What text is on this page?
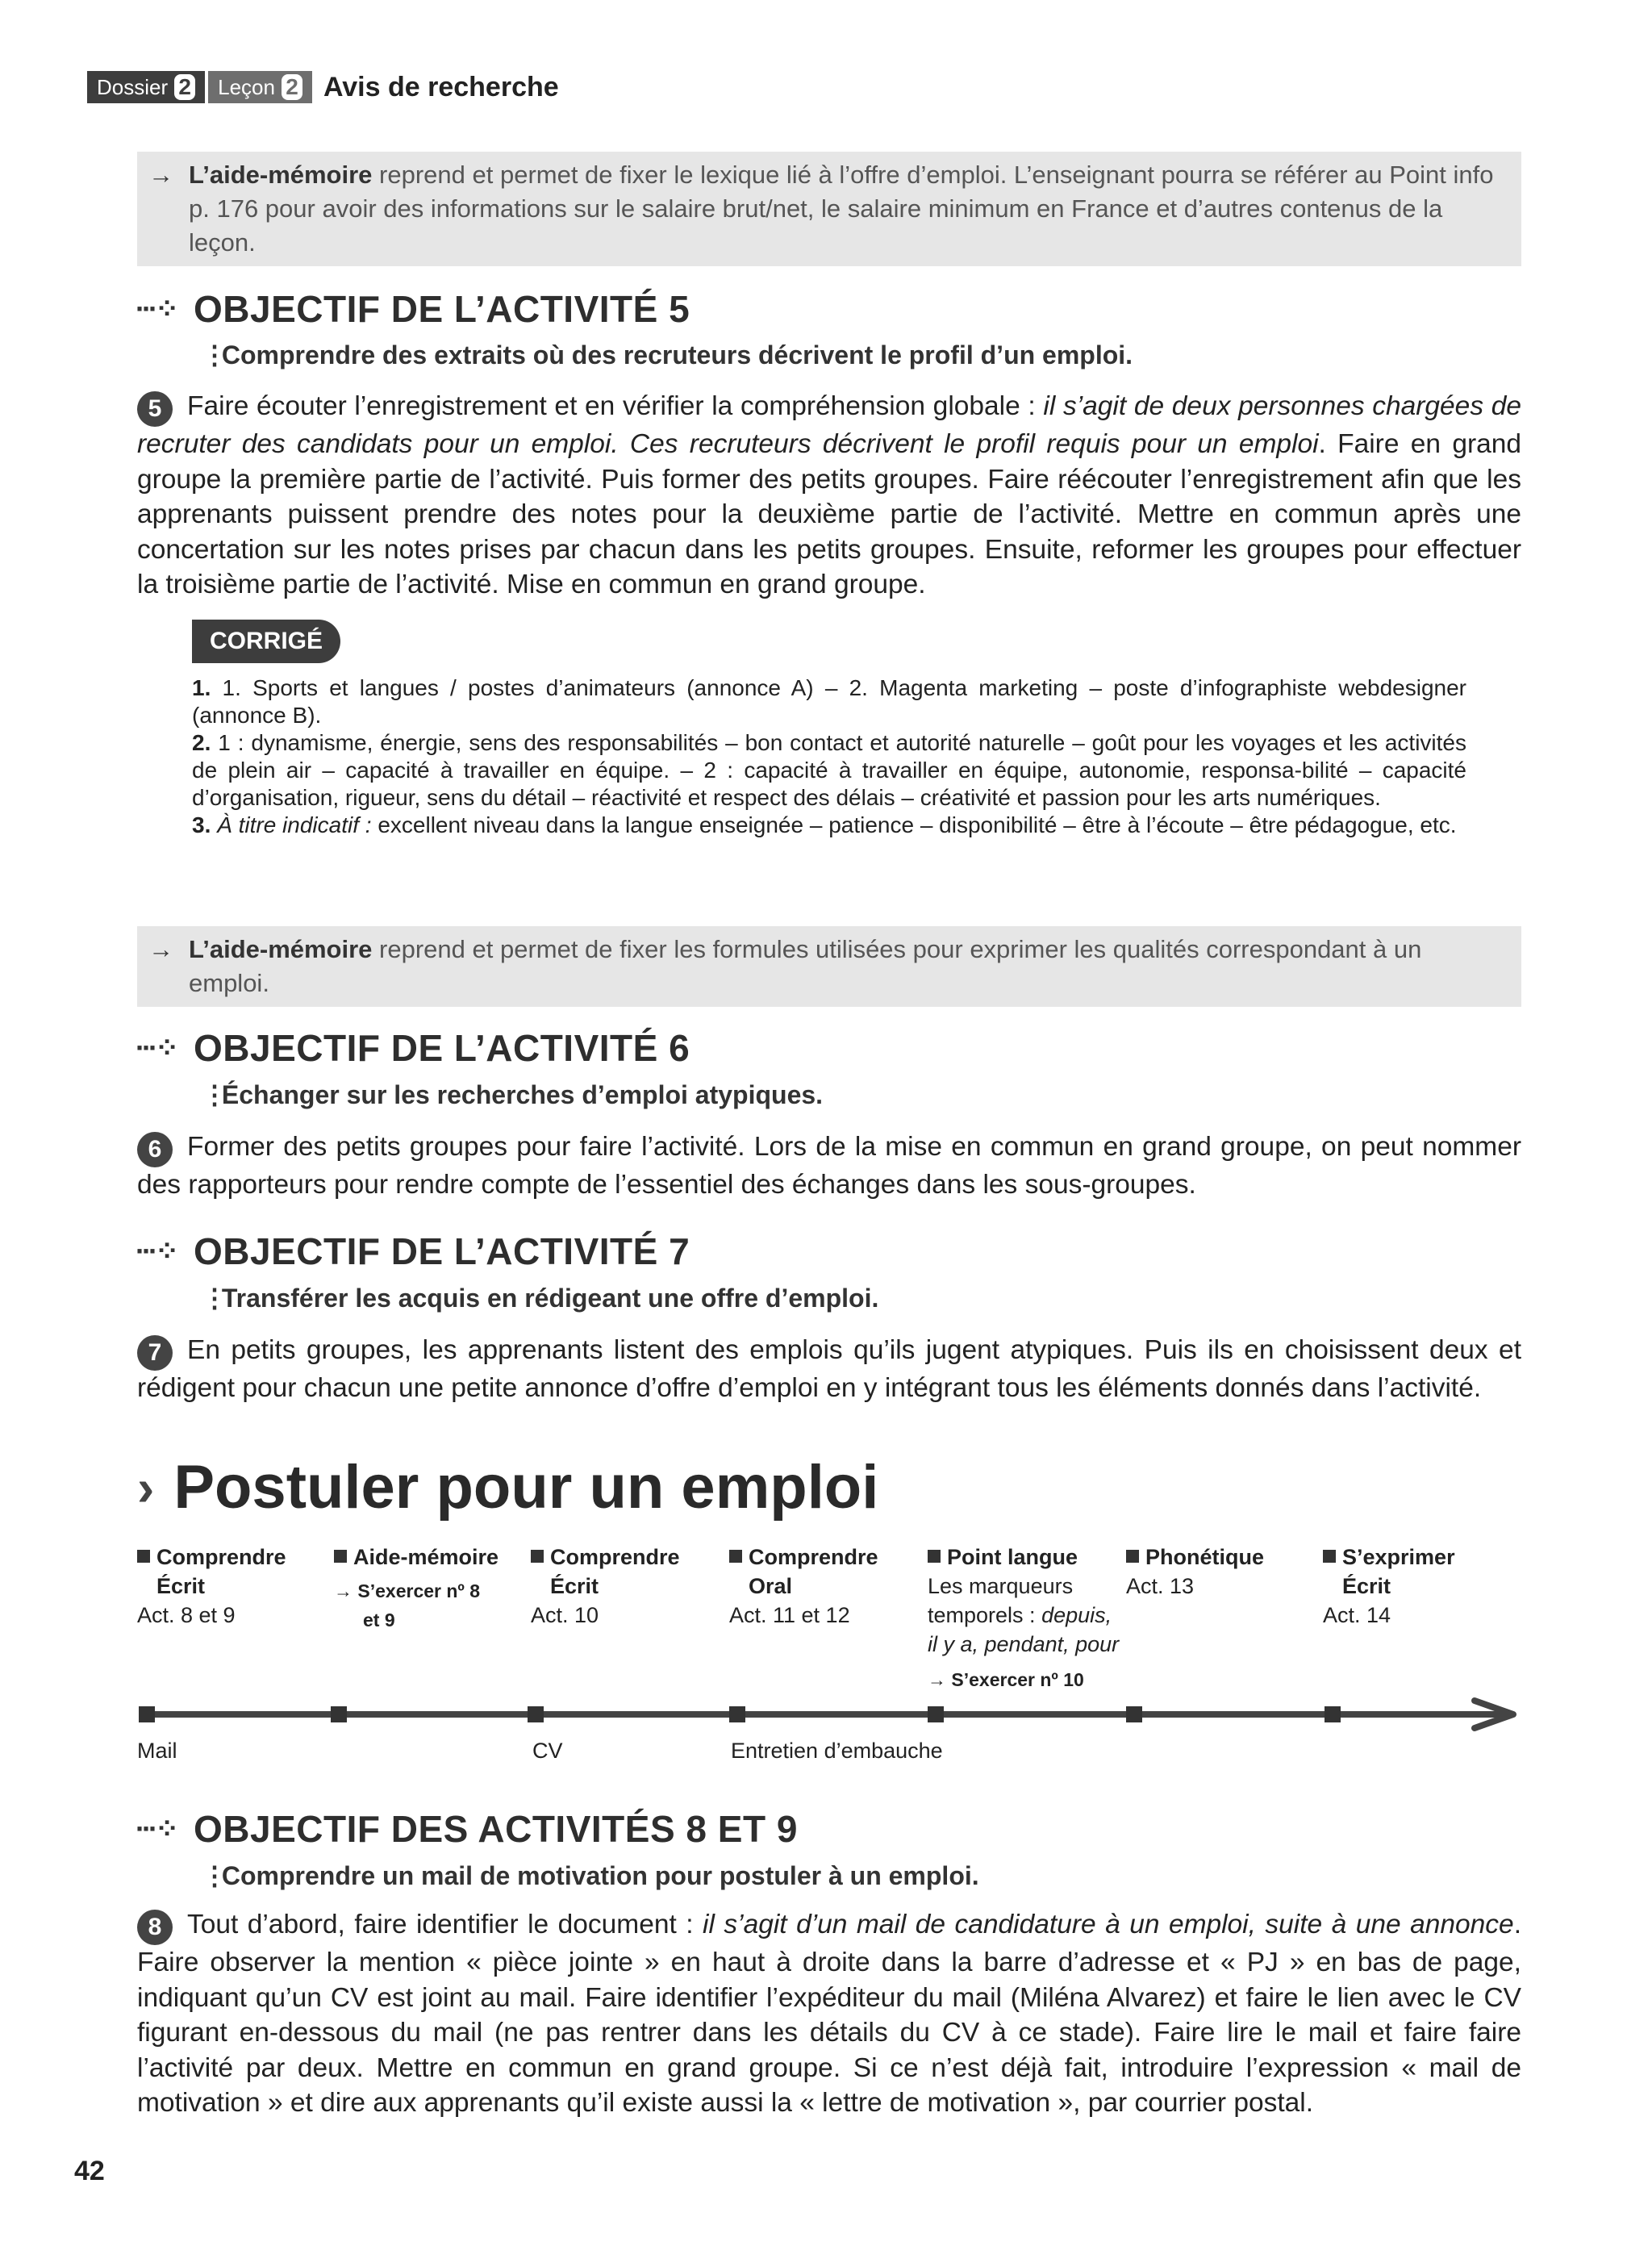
Dossier 2 Leçon 2 Avis de recherche
→ L’aide-mémoire reprend et permet de fixer le lexique lié à l’offre d’emploi. L’enseignant pourra se référer au Point info p. 176 pour avoir des informations sur le salaire brut/net, le salaire minimum en France et d’autres contenus de la leçon.
···⁘ OBJECTIF DE L’ACTIVITÉ 5
⋮ Comprendre des extraits où des recruteurs décrivent le profil d’un emploi.
5 Faire écouter l’enregistrement et en vérifier la compréhension globale : il s’agit de deux personnes chargées de recruter des candidats pour un emploi. Ces recruteurs décrivent le profil requis pour un emploi. Faire en grand groupe la première partie de l’activité. Puis former des petits groupes. Faire réécouter l’enregistrement afin que les apprenants puissent prendre des notes pour la deuxième partie de l’activité. Mettre en commun après une concertation sur les notes prises par chacun dans les petits groupes. Ensuite, reformer les groupes pour effectuer la troisième partie de l’activité. Mise en commun en grand groupe.
CORRIGÉ
1. 1. Sports et langues / postes d’animateurs (annonce A) – 2. Magenta marketing – poste d’infographiste webdesigner (annonce B).
2. 1 : dynamisme, énergie, sens des responsabilités – bon contact et autorité naturelle – goût pour les voyages et les activités de plein air – capacité à travailler en équipe. – 2 : capacité à travailler en équipe, autonomie, responsa-bilité – capacité d’organisation, rigueur, sens du détail – réactivité et respect des délais – créativité et passion pour les arts numériques.
3. À titre indicatif : excellent niveau dans la langue enseignée – patience – disponibilité – être à l’écoute – être pédagogue, etc.
→ L’aide-mémoire reprend et permet de fixer les formules utilisées pour exprimer les qualités correspondant à un emploi.
···⁘ OBJECTIF DE L’ACTIVITÉ 6
⋮ Échanger sur les recherches d’emploi atypiques.
6 Former des petits groupes pour faire l’activité. Lors de la mise en commun en grand groupe, on peut nommer des rapporteurs pour rendre compte de l’essentiel des échanges dans les sous-groupes.
···⁘ OBJECTIF DE L’ACTIVITÉ 7
⋮ Transférer les acquis en rédigeant une offre d’emploi.
7 En petits groupes, les apprenants listent des emplois qu’ils jugent atypiques. Puis ils en choisissent deux et rédigent pour chacun une petite annonce d’offre d’emploi en y intégrant tous les éléments donnés dans l’activité.
› Postuler pour un emploi
Comprendre
Écrit
Act. 8 et 9
Aide-mémoire
→ S’exercer nº 8
et 9
Comprendre
Écrit
Act. 10
Comprendre
Oral
Act. 11 et 12
Point langue
Les marqueurs
temporels : depuis,
il y a, pendant, pour
→ S’exercer nº 10
Phonétique
Act. 13
S’exprimer
Écrit
Act. 14
Mail	CV	Entretien d’embauche
···⁘ OBJECTIF DES ACTIVITÉS 8 ET 9
⋮ Comprendre un mail de motivation pour postuler à un emploi.
8 Tout d’abord, faire identifier le document : il s’agit d’un mail de candidature à un emploi, suite à une annonce. Faire observer la mention « pièce jointe » en haut à droite dans la barre d’adresse et « PJ » en bas de page, indiquant qu’un CV est joint au mail. Faire identifier l’expéditeur du mail (Miléna Alvarez) et faire le lien avec le CV figurant en-dessous du mail (ne pas rentrer dans les détails du CV à ce stade). Faire lire le mail et faire faire l’activité par deux. Mettre en commun en grand groupe. Si ce n’est déjà fait, introduire l’expression « mail de motivation » et dire aux apprenants qu’il existe aussi la « lettre de motivation », par courrier postal.
42
